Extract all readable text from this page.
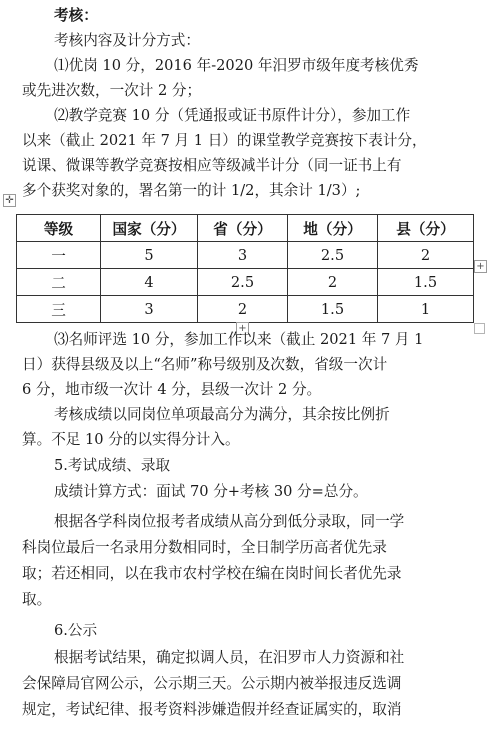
考核：
考核内容及计分方式：
⑴优岗 10 分，2016 年-2020 年汨罗市级年度考核优秀
或先进次数，一次计 2 分；
⑵教学竞赛 10 分（凭通报或证书原件计分），参加工作
以来（截止 2021 年 7 月 1 日）的课堂教学竞赛按下表计分，
说课、微课等教学竞赛按相应等级减半计分（同一证书上有
多个获奖对象的，署名第一的计 1/2，其余计 1/3）;
✛
等级	国家（分）	省（分）	地（分）	县（分）
一	5	3	2.5	2
二	4	2.5	2	1.5
三	3	2	1.5	1
+
+
⑶名师评选 10 分，参加工作以来（截止 2021 年 7 月 1
日）获得县级及以上“名师”称号级别及次数，省级一次计
6 分，地市级一次计 4 分，县级一次计 2 分。
考核成绩以同岗位单项最高分为满分，其余按比例折
算。不足 10 分的以实得分计入。
5.考试成绩、录取
成绩计算方式：面试 70 分+考核 30 分=总分。
根据各学科岗位报考者成绩从高分到低分录取，同一学
科岗位最后一名录用分数相同时，全日制学历高者优先录
取；若还相同，以在我市农村学校在编在岗时间长者优先录
取。
6.公示
根据考试结果，确定拟调人员，在汨罗市人力资源和社
会保障局官网公示，公示期三天。公示期内被举报违反选调
规定，考试纪律、报考资料涉嫌造假并经查证属实的，取消
